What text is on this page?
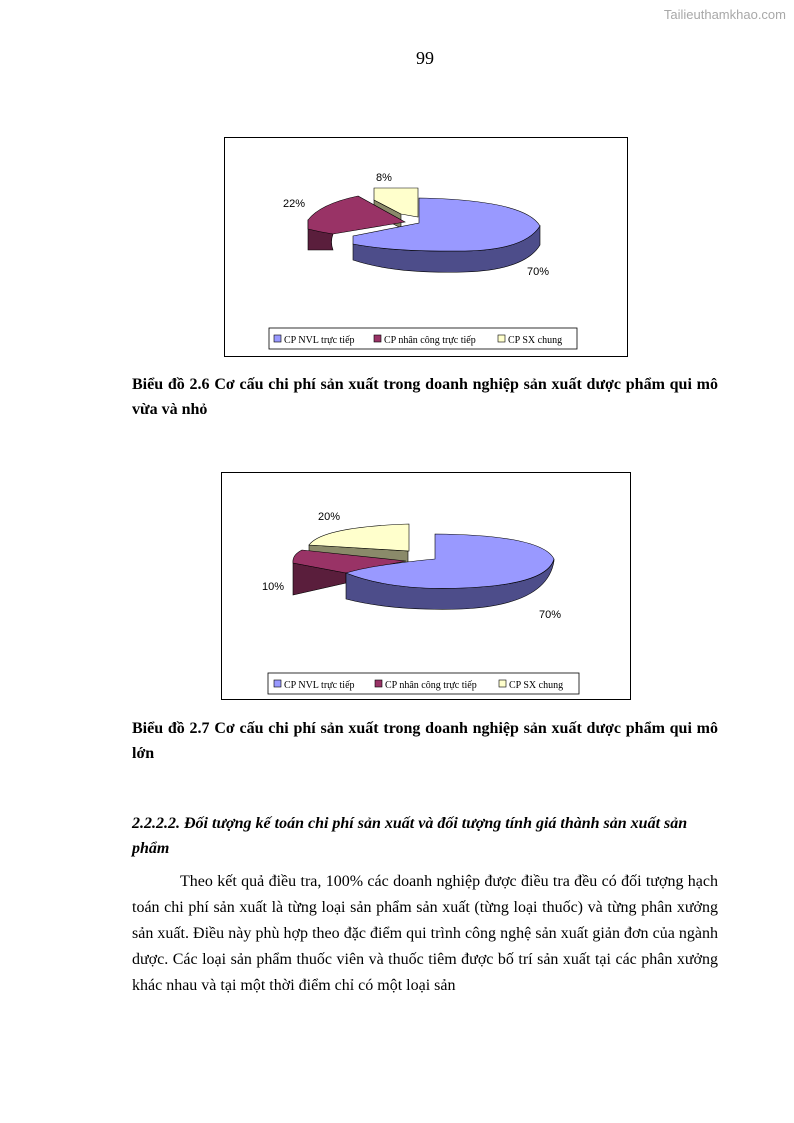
Tailieuthamkhao.com
99
8%
22%
70%
CP NVL trực tiếp	CP nhân công trực tiếp	CP SX chung
Biểu đồ 2.6 Cơ cấu chi phí sản xuất trong doanh nghiệp sản xuất dược phẩm qui mô vừa và nhỏ
20%
10%
70%
CP NVL trực tiếp	CP nhân công trực tiếp	CP SX chung
Biểu đồ 2.7 Cơ cấu chi phí sản xuất trong doanh nghiệp sản xuất dược phẩm qui mô lớn
2.2.2.2. Đối tượng kế toán chi phí sản xuất và đối tượng tính giá thành sản xuất sản phẩm
Theo kết quả điều tra, 100% các doanh nghiệp được điều tra đều có đối tượng hạch toán chi phí sản xuất là từng loại sản phẩm sản xuất (từng loại thuốc) và từng phân xưởng sản xuất. Điều này phù hợp theo đặc điểm qui trình công nghệ sản xuất giản đơn của ngành dược. Các loại sản phẩm thuốc viên và thuốc tiêm được bố trí sản xuất tại các phân xưởng khác nhau và tại một thời điểm chỉ có một loại sản
